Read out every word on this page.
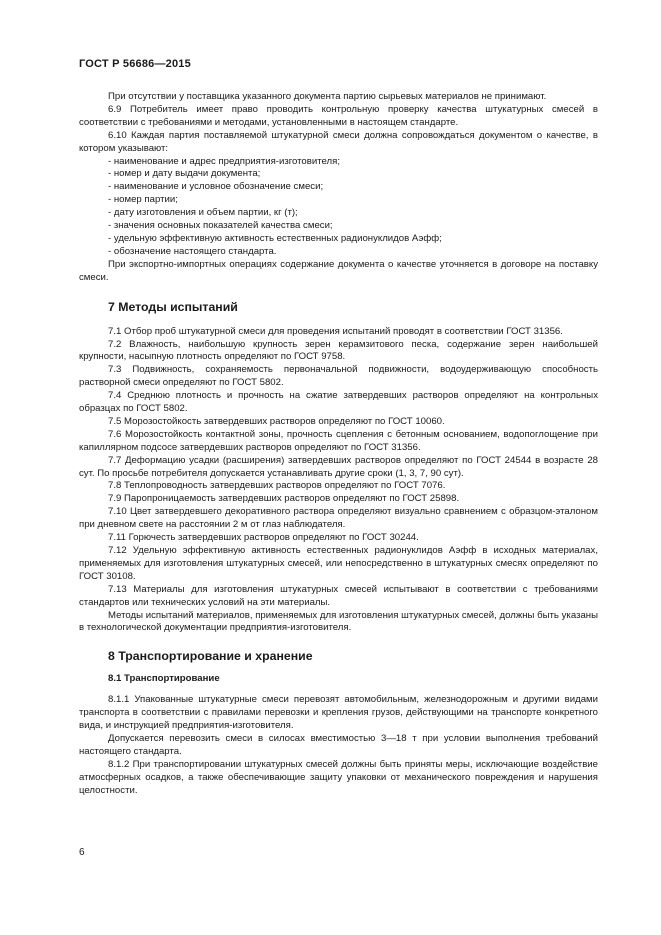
ГОСТ Р 56686—2015

При отсутствии у поставщика указанного документа партию сырьевых материалов не принимают.

6.9 Потребитель имеет право проводить контрольную проверку качества штукатурных смесей в соответствии с требованиями и методами, установленными в настоящем стандарте.

6.10 Каждая партия поставляемой штукатурной смеси должна сопровождаться документом о качестве, в котором указывают:

- наименование и адрес предприятия-изготовителя;

- номер и дату выдачи документа;

- наименование и условное обозначение смеси;

- номер партии;

- дату изготовления и объем партии, кг (т);

- значения основных показателей качества смеси;

- удельную эффективную активность естественных радионуклидов Аэфф;

- обозначение настоящего стандарта.

При экспортно-импортных операциях содержание документа о качестве уточняется в договоре на поставку смеси.

7 Методы испытаний

7.1 Отбор проб штукатурной смеси для проведения испытаний проводят в соответствии ГОСТ 31356.

7.2 Влажность, наибольшую крупность зерен керамзитового песка, содержание зерен наибольшей крупности, насыпную плотность определяют по ГОСТ 9758.

7.3 Подвижность, сохраняемость первоначальной подвижности, водоудерживающую способность растворной смеси определяют по ГОСТ 5802.

7.4 Среднюю плотность и прочность на сжатие затвердевших растворов определяют на контрольных образцах по ГОСТ 5802.

7.5 Морозостойкость затвердевших растворов определяют по ГОСТ 10060.

7.6 Морозостойкость контактной зоны, прочность сцепления с бетонным основанием, водопоглощение при капиллярном подсосе затвердевших растворов определяют по ГОСТ 31356.

7.7 Деформацию усадки (расширения) затвердевших растворов определяют по ГОСТ 24544 в возрасте 28 сут. По просьбе потребителя допускается устанавливать другие сроки (1, 3, 7, 90 сут).

7.8 Теплопроводность затвердевших растворов определяют по ГОСТ 7076.

7.9 Паропроницаемость затвердевших растворов определяют по ГОСТ 25898.

7.10 Цвет затвердевшего декоративного раствора определяют визуально сравнением с образцом-эталоном при дневном свете на расстоянии 2 м от глаз наблюдателя.

7.11 Горючесть затвердевших растворов определяют по ГОСТ 30244.

7.12 Удельную эффективную активность естественных радионуклидов Аэфф в исходных материалах, применяемых для изготовления штукатурных смесей, или непосредственно в штукатурных смесях определяют по ГОСТ 30108.

7.13 Материалы для изготовления штукатурных смесей испытывают в соответствии с требованиями стандартов или технических условий на эти материалы.

Методы испытаний материалов, применяемых для изготовления штукатурных смесей, должны быть указаны в технологической документации предприятия-изготовителя.

8 Транспортирование и хранение

8.1 Транспортирование

8.1.1 Упакованные штукатурные смеси перевозят автомобильным, железнодорожным и другими видами транспорта в соответствии с правилами перевозки и крепления грузов, действующими на транспорте конкретного вида, и инструкцией предприятия-изготовителя.

Допускается перевозить смеси в силосах вместимостью 3—18 т при условии выполнения требований настоящего стандарта.

8.1.2 При транспортировании штукатурных смесей должны быть приняты меры, исключающие воздействие атмосферных осадков, а также обеспечивающие защиту упаковки от механического повреждения и нарушения целостности.

6
